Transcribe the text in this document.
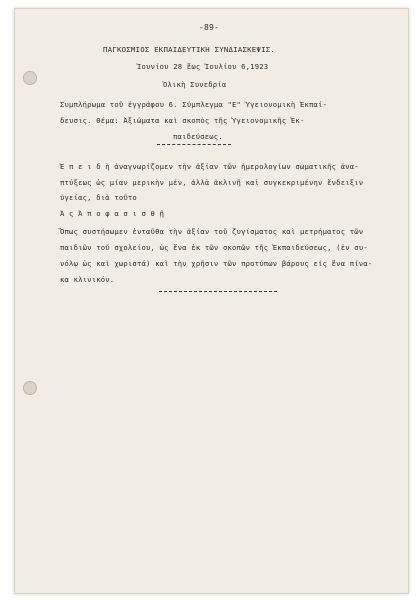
-89-
ΠΑΓΚΟΣΜΙΟΣ ΕΚΠΑΙΔΕΥΤΙΚΗ ΣΥΝΔΙΑΣΚΕΨΙΣ.
Ἰουνίου 28 ἕως Ἰουλίου 6,1923
Ὁλικὴ Συνεδρία
Συμπλήρωμα τοῦ ἐγγράφου 6. Σύμπλεγμα "Ε" Ὑγειονομικὴ Ἐκπαί-
δευσις. Θέμα: Ἀξιώματα καὶ σκοπὸς τῆς Ὑγειονομικῆς Ἐκ-
παιδεύσεως.
Ἐ π ε ι δ ὴ ἀναγνωρίζομεν τὴν ἀξίαν τῶν ἡμερολογίων σωματικῆς ἀνα-
πτύξεως ὡς μίαν μερικὴν μέν, ἀλλὰ ἀκλινῆ καὶ συγκεκριμένην ἔνδειξιν
ὑγείας, διὰ τοῦτο
Ἀ ς Ἀ π ο φ α σ ι σ θ ῇ
Ὅπως συστήσωμεν ἐνταῦθα τὴν ἀξίαν τοῦ ζυγίσματος καὶ μετρήματος τῶν
παιδιῶν τοῦ σχολείου, ὡς ἕνα ἐκ τῶν σκοπῶν τῆς Ἐκπαιδεύσεως, (ἐν συ-
νόλῳ ὡς καὶ χωριστά) καὶ τὴν χρῆσιν τῶν προτύπων βάρους εἰς ἕνα πίνα-
κα κλινικόν.
